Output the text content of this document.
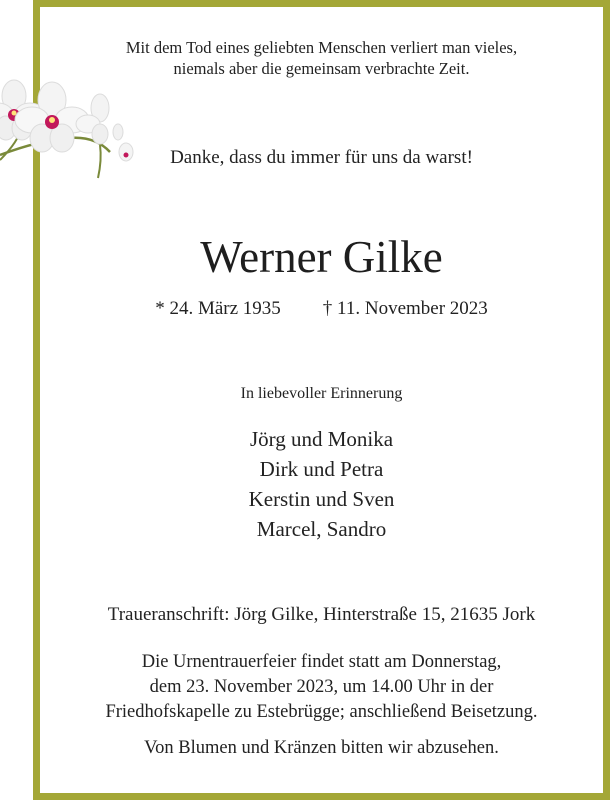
Mit dem Tod eines geliebten Menschen verliert man vieles,
niemals aber die gemeinsam verbrachte Zeit.
Danke, dass du immer für uns da warst!
Werner Gilke
* 24. März 1935 † 11. November 2023
In liebevoller Erinnerung
Jörg und Monika
Dirk und Petra
Kerstin und Sven
Marcel, Sandro
Traueranschrift: Jörg Gilke, Hinterstraße 15, 21635 Jork
Die Urnentrauerfeier findet statt am Donnerstag,
dem 23. November 2023, um 14.00 Uhr in der
Friedhofskapelle zu Estebrügge; anschließend Beisetzung.
Von Blumen und Kränzen bitten wir abzusehen.
